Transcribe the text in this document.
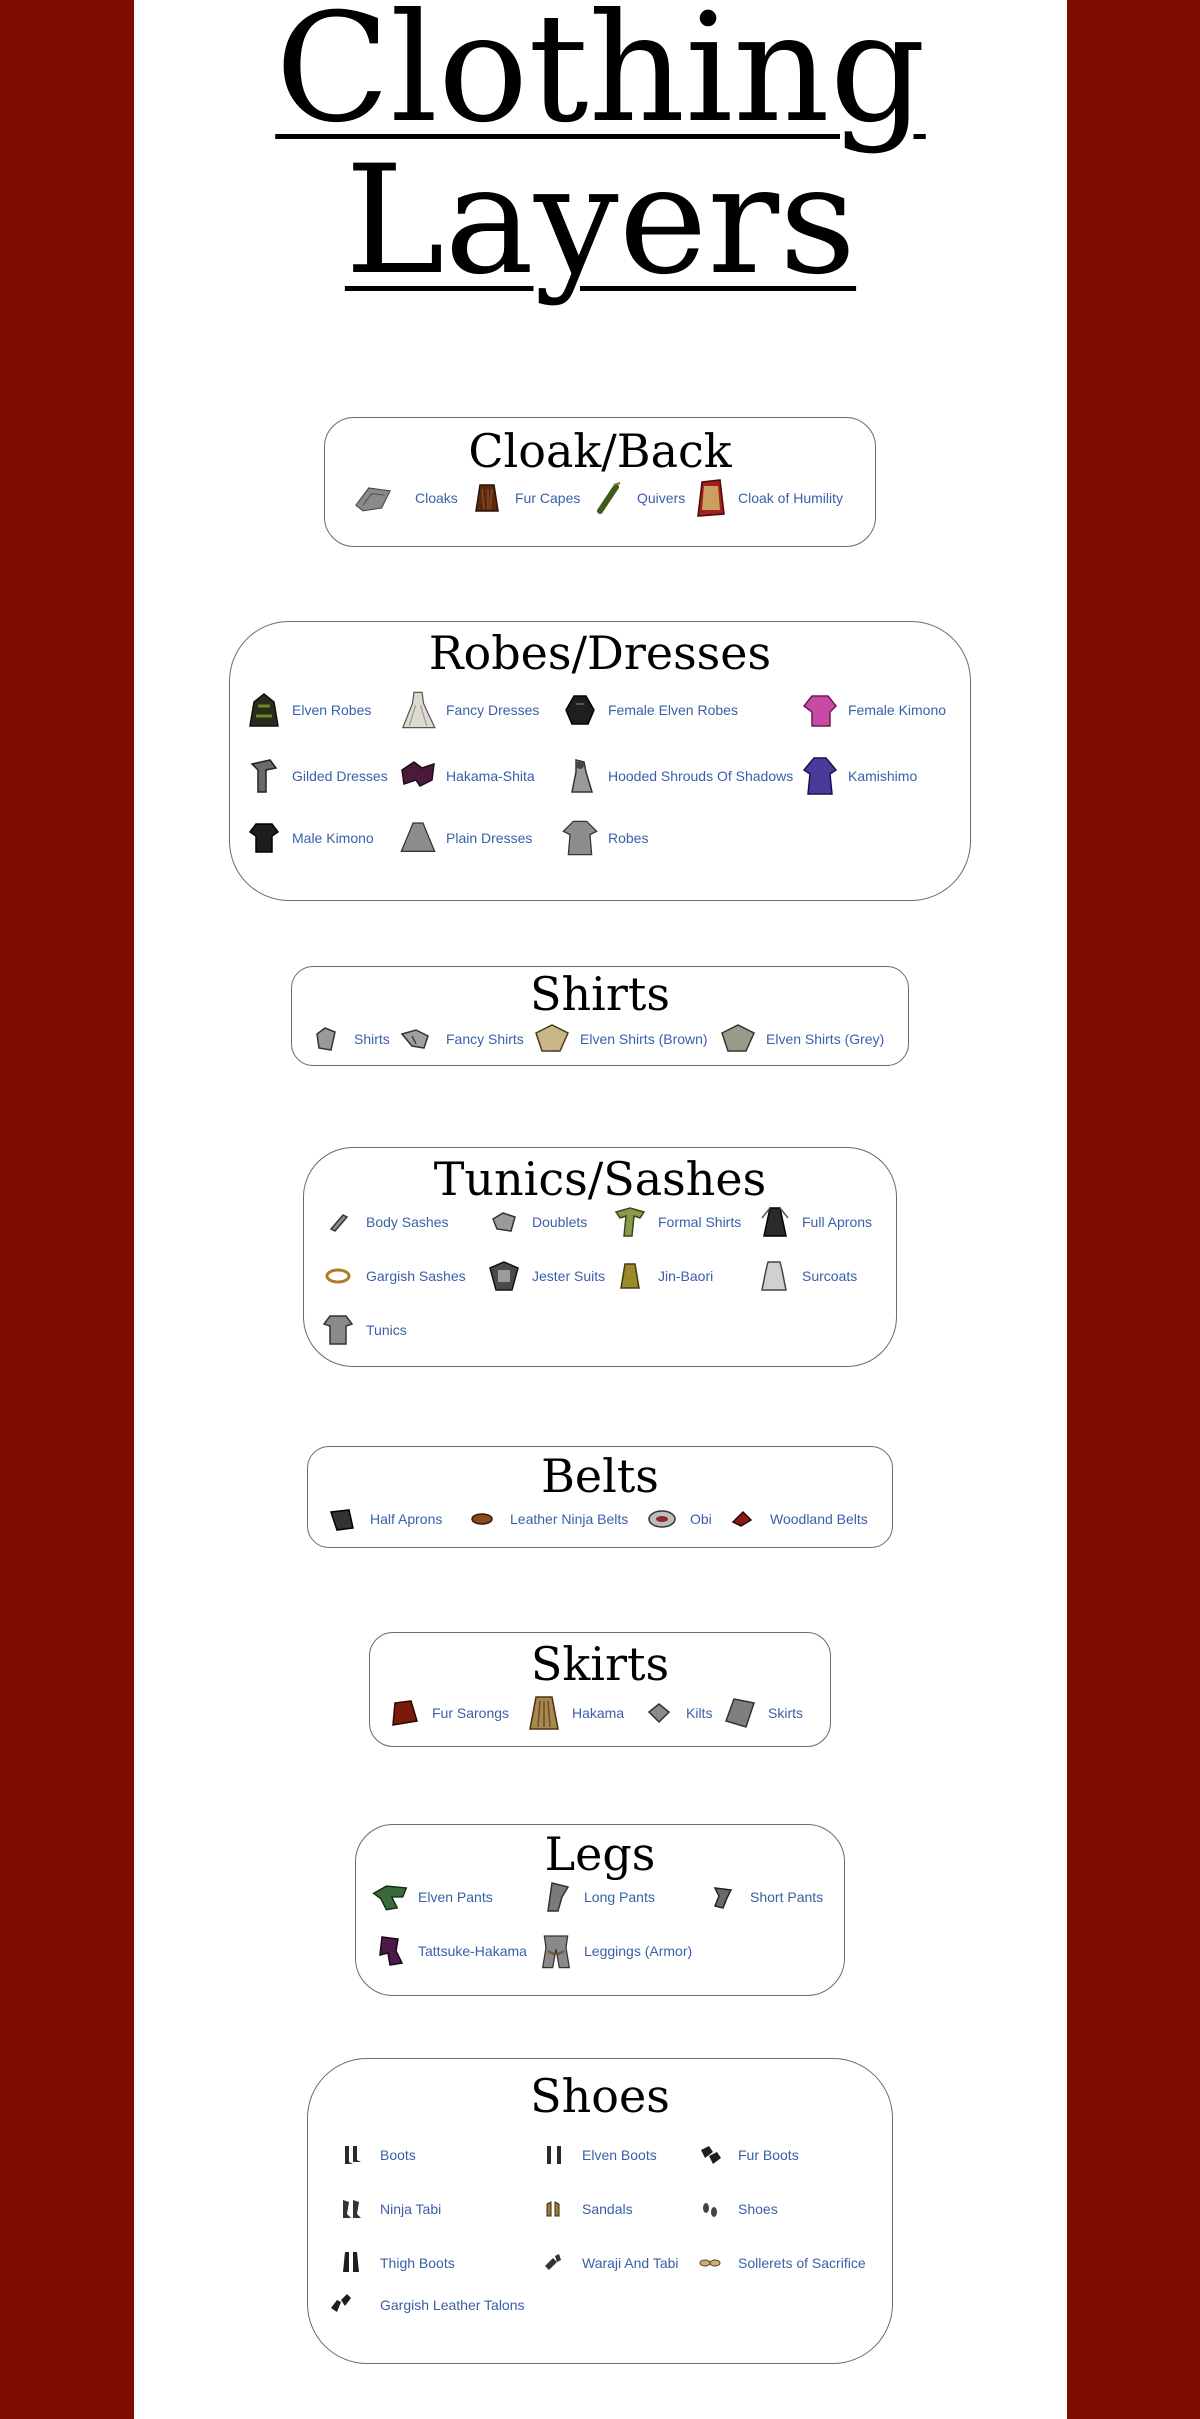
Clothing
Layers
Cloak/Back
Cloaks	Fur Capes	Quivers	Cloak of Humility
Robes/Dresses
Elven Robes	Fancy Dresses	Female Elven Robes	Female Kimono
Gilded Dresses	Hakama-Shita	Hooded Shrouds Of Shadows	Kamishimo
Male Kimono	Plain Dresses	Robes
Shirts
Shirts	Fancy Shirts	Elven Shirts (Brown)	Elven Shirts (Grey)
Tunics/Sashes
Body Sashes	Doublets	Formal Shirts	Full Aprons
Gargish Sashes	Jester Suits	Jin-Baori	Surcoats
Tunics
Belts
Half Aprons	Leather Ninja Belts	Obi	Woodland Belts
Skirts
Fur Sarongs	Hakama	Kilts	Skirts
Legs
Elven Pants	Long Pants	Short Pants
Tattsuke-Hakama	Leggings (Armor)
Shoes
Boots	Elven Boots	Fur Boots
Ninja Tabi	Sandals	Shoes
Thigh Boots	Waraji And Tabi	Sollerets of Sacrifice
Gargish Leather Talons
